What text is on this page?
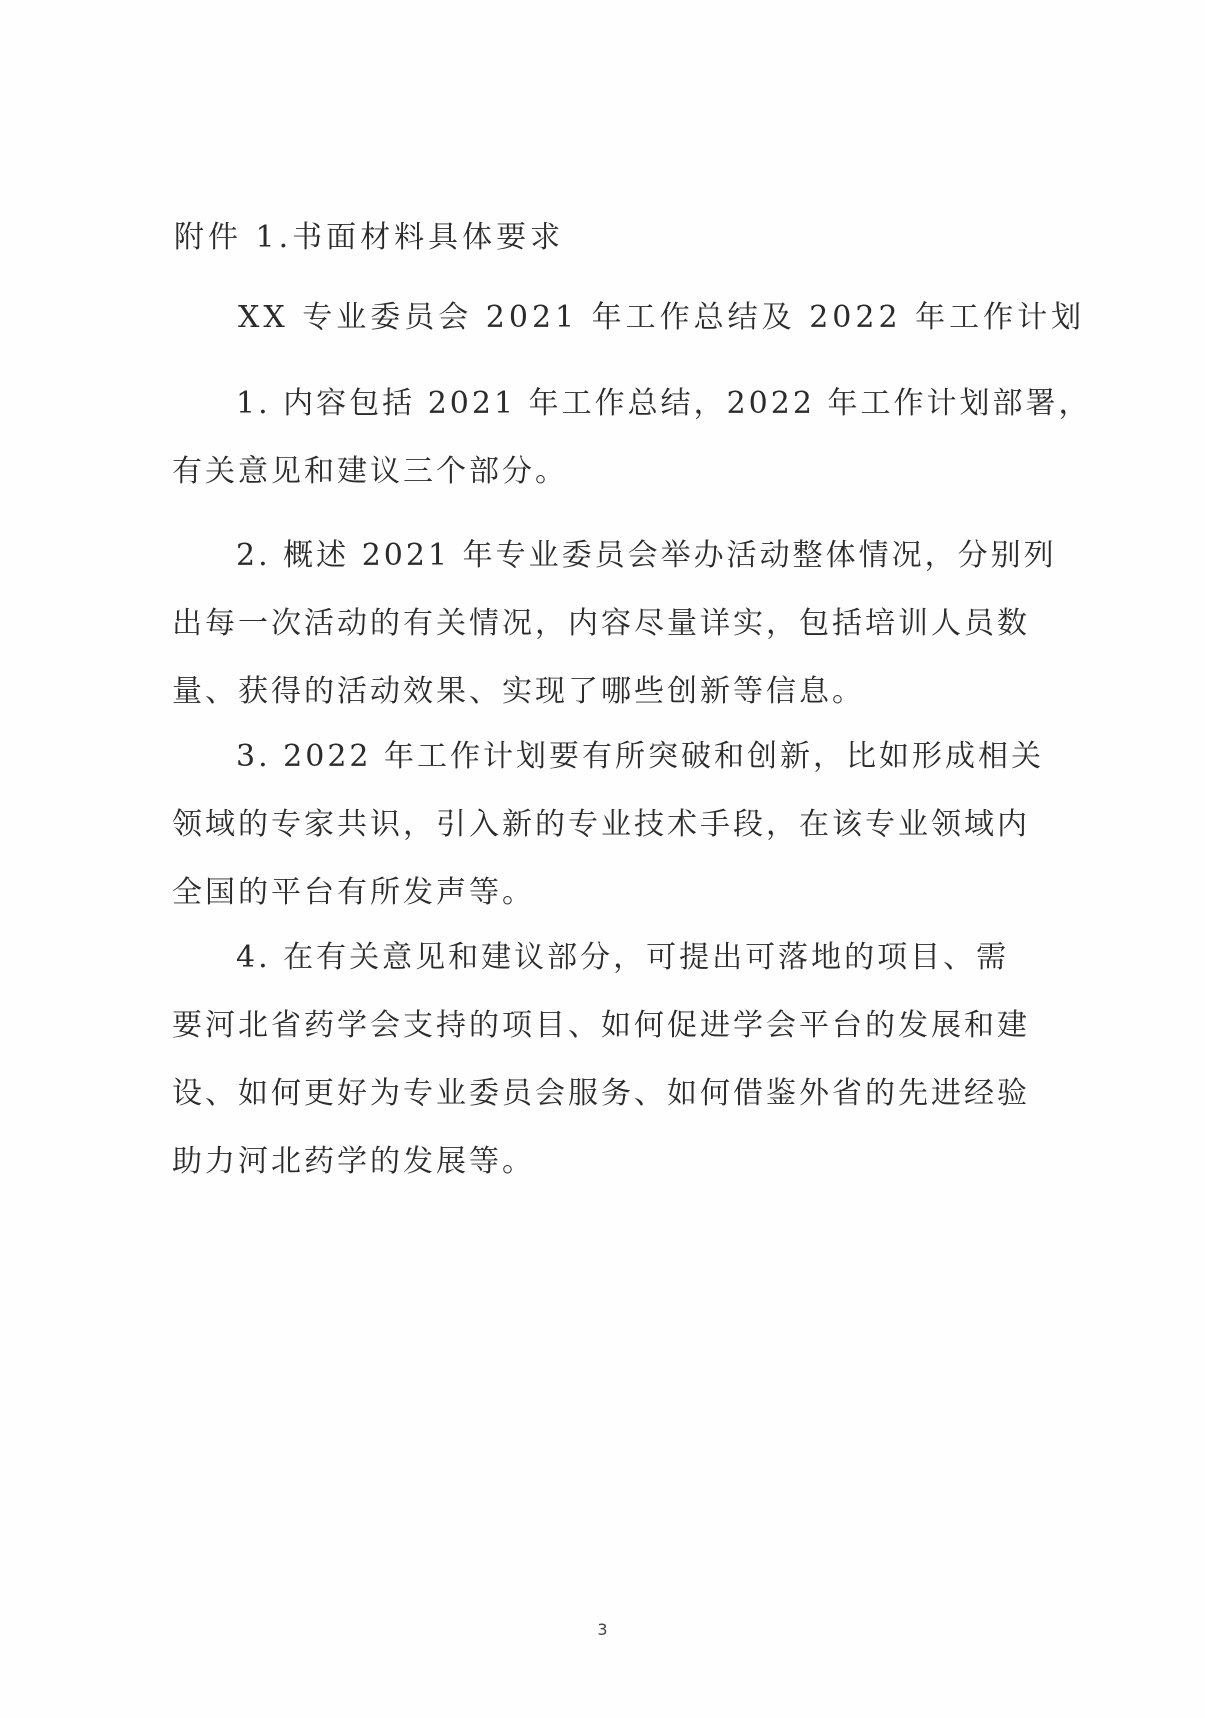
附件 1.书面材料具体要求
XX 专业委员会 2021 年工作总结及 2022 年工作计划
1. 内容包括 2021 年工作总结，2022 年工作计划部署，
有关意见和建议三个部分。
2. 概述 2021 年专业委员会举办活动整体情况，分别列
出每一次活动的有关情况，内容尽量详实，包括培训人员数
量、获得的活动效果、实现了哪些创新等信息。
3. 2022 年工作计划要有所突破和创新，比如形成相关
领域的专家共识，引入新的专业技术手段，在该专业领域内
全国的平台有所发声等。
4. 在有关意见和建议部分，可提出可落地的项目、需
要河北省药学会支持的项目、如何促进学会平台的发展和建
设、如何更好为专业委员会服务、如何借鉴外省的先进经验
助力河北药学的发展等。
3
